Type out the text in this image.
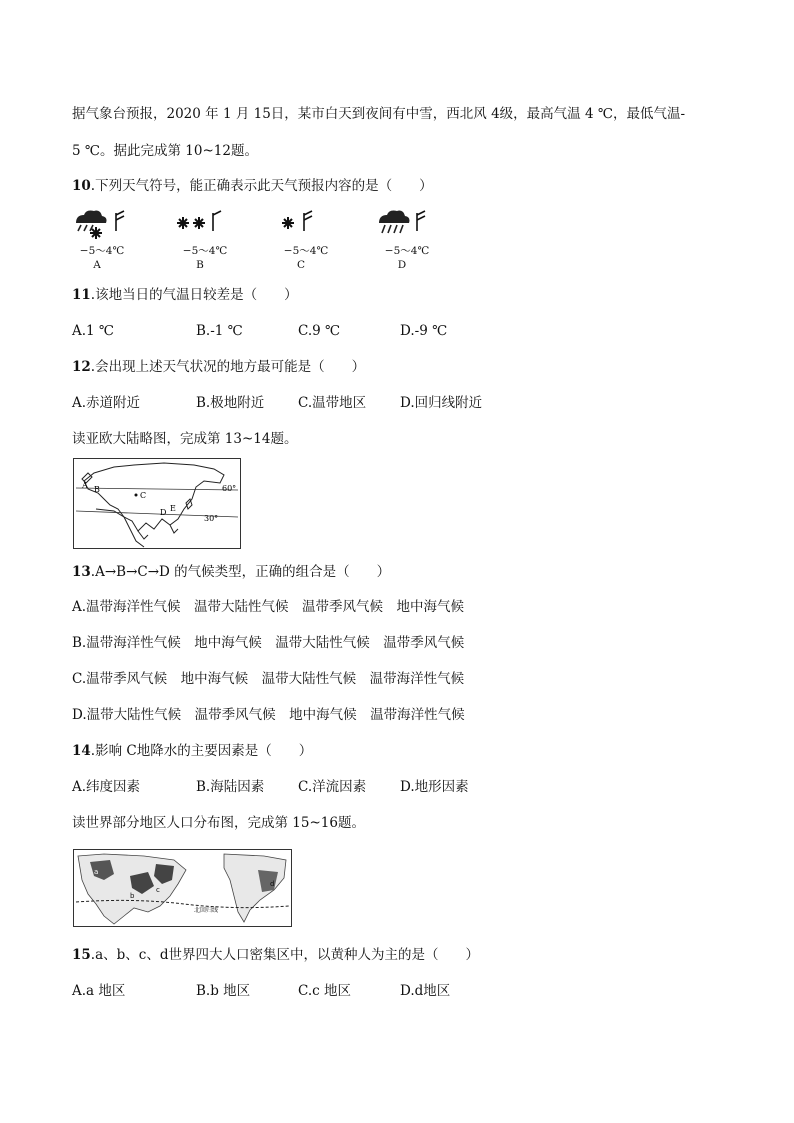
据气象台预报，2020 年 1 月 15日，某市白天到夜间有中雪，西北风 4级，最高气温 4 ℃，最低气温-
5 ℃。据此完成第 10~12题。
10.下列天气符号，能正确表示此天气预报内容的是（　　）
−5～4℃
A
−5～4℃
B
−5～4℃
C
−5～4℃
D
11.该地当日的气温日较差是（　　）
A.1 ℃	B.-1 ℃	C.9 ℃	D.-9 ℃
12.会出现上述天气状况的地方最可能是（　　）
A.赤道附近	B.极地附近	C.温带地区	D.回归线附近
读亚欧大陆略图，完成第 13~14题。
A B
C
D E
60°
30°
13.A→B→C→D 的气候类型，正确的组合是（　　）
A.温带海洋性气候　温带大陆性气候　温带季风气候　地中海气候
B.温带海洋性气候　地中海气候　温带大陆性气候　温带季风气候
C.温带季风气候　地中海气候　温带大陆性气候　温带海洋性气候
D.温带大陆性气候　温带季风气候　地中海气候　温带海洋性气候
14.影响 C地降水的主要因素是（　　）
A.纬度因素	B.海陆因素	C.洋流因素	D.地形因素
读世界部分地区人口分布图，完成第 15~16题。
a
b
c
d
北回归线
15.a、b、c、d世界四大人口密集区中，以黄种人为主的是（　　）
A.a 地区	B.b 地区	C.c 地区	D.d地区
